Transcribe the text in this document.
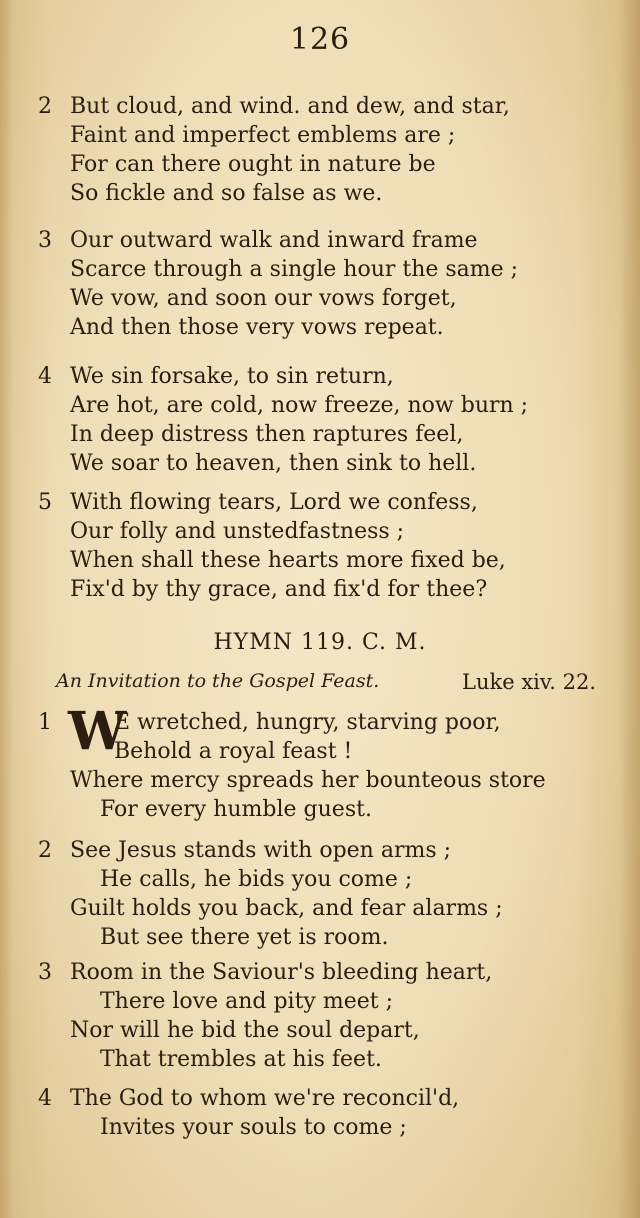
126
2 But cloud, and wind. and dew, and star,
Faint and imperfect emblems are ;
For can there ought in nature be
So fickle and so false as we.
3 Our outward walk and inward frame
Scarce through a single hour the same ;
We vow, and soon our vows forget,
And then those very vows repeat.
4 We sin forsake, to sin return,
Are hot, are cold, now freeze, now burn ;
In deep distress then raptures feel,
We soar to heaven, then sink to hell.
5 With flowing tears, Lord we confess,
Our folly and unstedfastness ;
When shall these hearts more fixed be,
Fix'd by thy grace, and fix'd for thee?
HYMN 119. C. M.
An Invitation to the Gospel Feast.	Luke xiv. 22.
W
1	E wretched, hungry, starving poor,
Behold a royal feast !
Where mercy spreads her bounteous store
For every humble guest.
2 See Jesus stands with open arms ;
He calls, he bids you come ;
Guilt holds you back, and fear alarms ;
But see there yet is room.
3 Room in the Saviour's bleeding heart,
There love and pity meet ;
Nor will he bid the soul depart,
That trembles at his feet.
4 The God to whom we're reconcil'd,
Invites your souls to come ;
